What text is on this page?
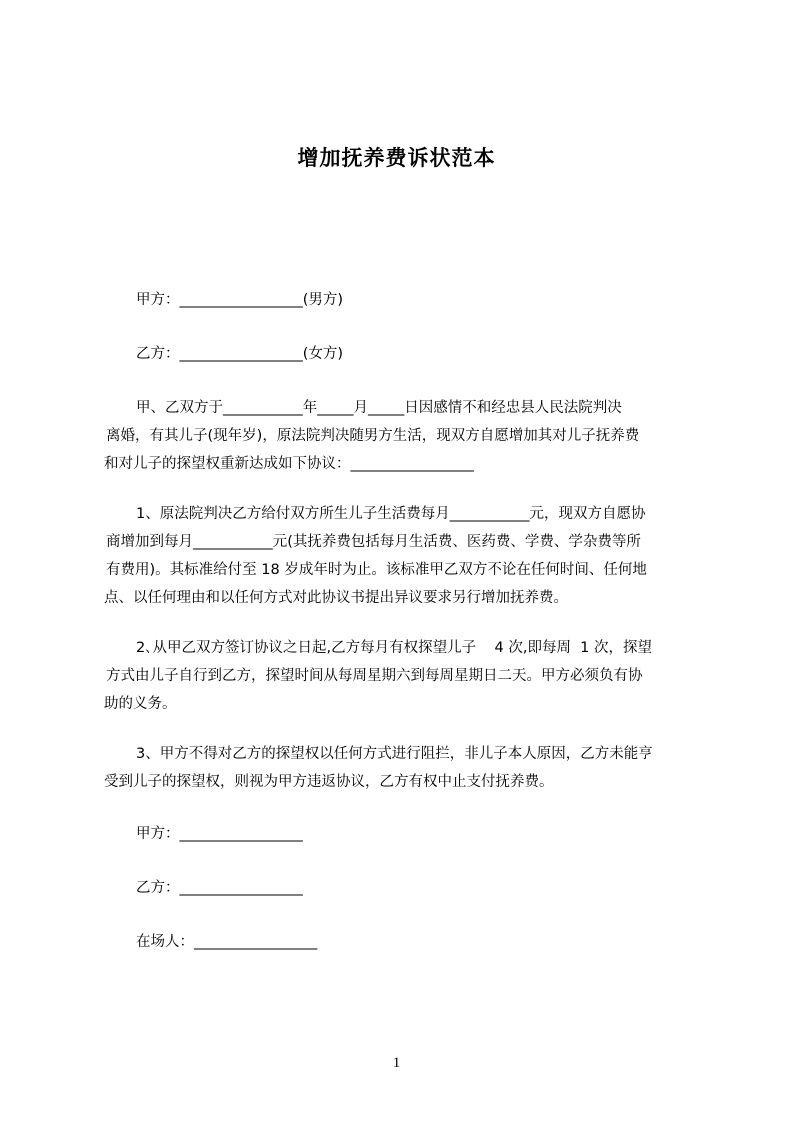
增加抚养费诉状范本
甲方：_________________(男方)
乙方：_________________(女方)
甲、乙双方于___________年_____月_____日因感情不和经忠县人民法院判决
离婚，有其儿子(现年岁)，原法院判决随男方生活，现双方自愿增加其对儿子抚养费
和对儿子的探望权重新达成如下协议：_________________
1、原法院判决乙方给付双方所生儿子生活费每月___________元，现双方自愿协
商增加到每月___________元(其抚养费包括每月生活费、医药费、学费、学杂费等所
有费用)。其标准给付至 18 岁成年时为止。该标准甲乙双方不论在任何时间、任何地
点、以任何理由和以任何方式对此协议书提出异议要求另行增加抚养费。
2､从甲乙双方签订协议之日起,乙方每月有权探望儿子    4 次,即每周  1 次，探望
方式由儿子自行到乙方，探望时间从每周星期六到每周星期日二天。甲方必须负有协
助的义务。
3、甲方不得对乙方的探望权以任何方式进行阻拦，非儿子本人原因，乙方未能亨
受到儿子的探望权，则视为甲方违返协议，乙方有权中止支付抚养费。
甲方：_________________
乙方：_________________
在场人：_________________
1
